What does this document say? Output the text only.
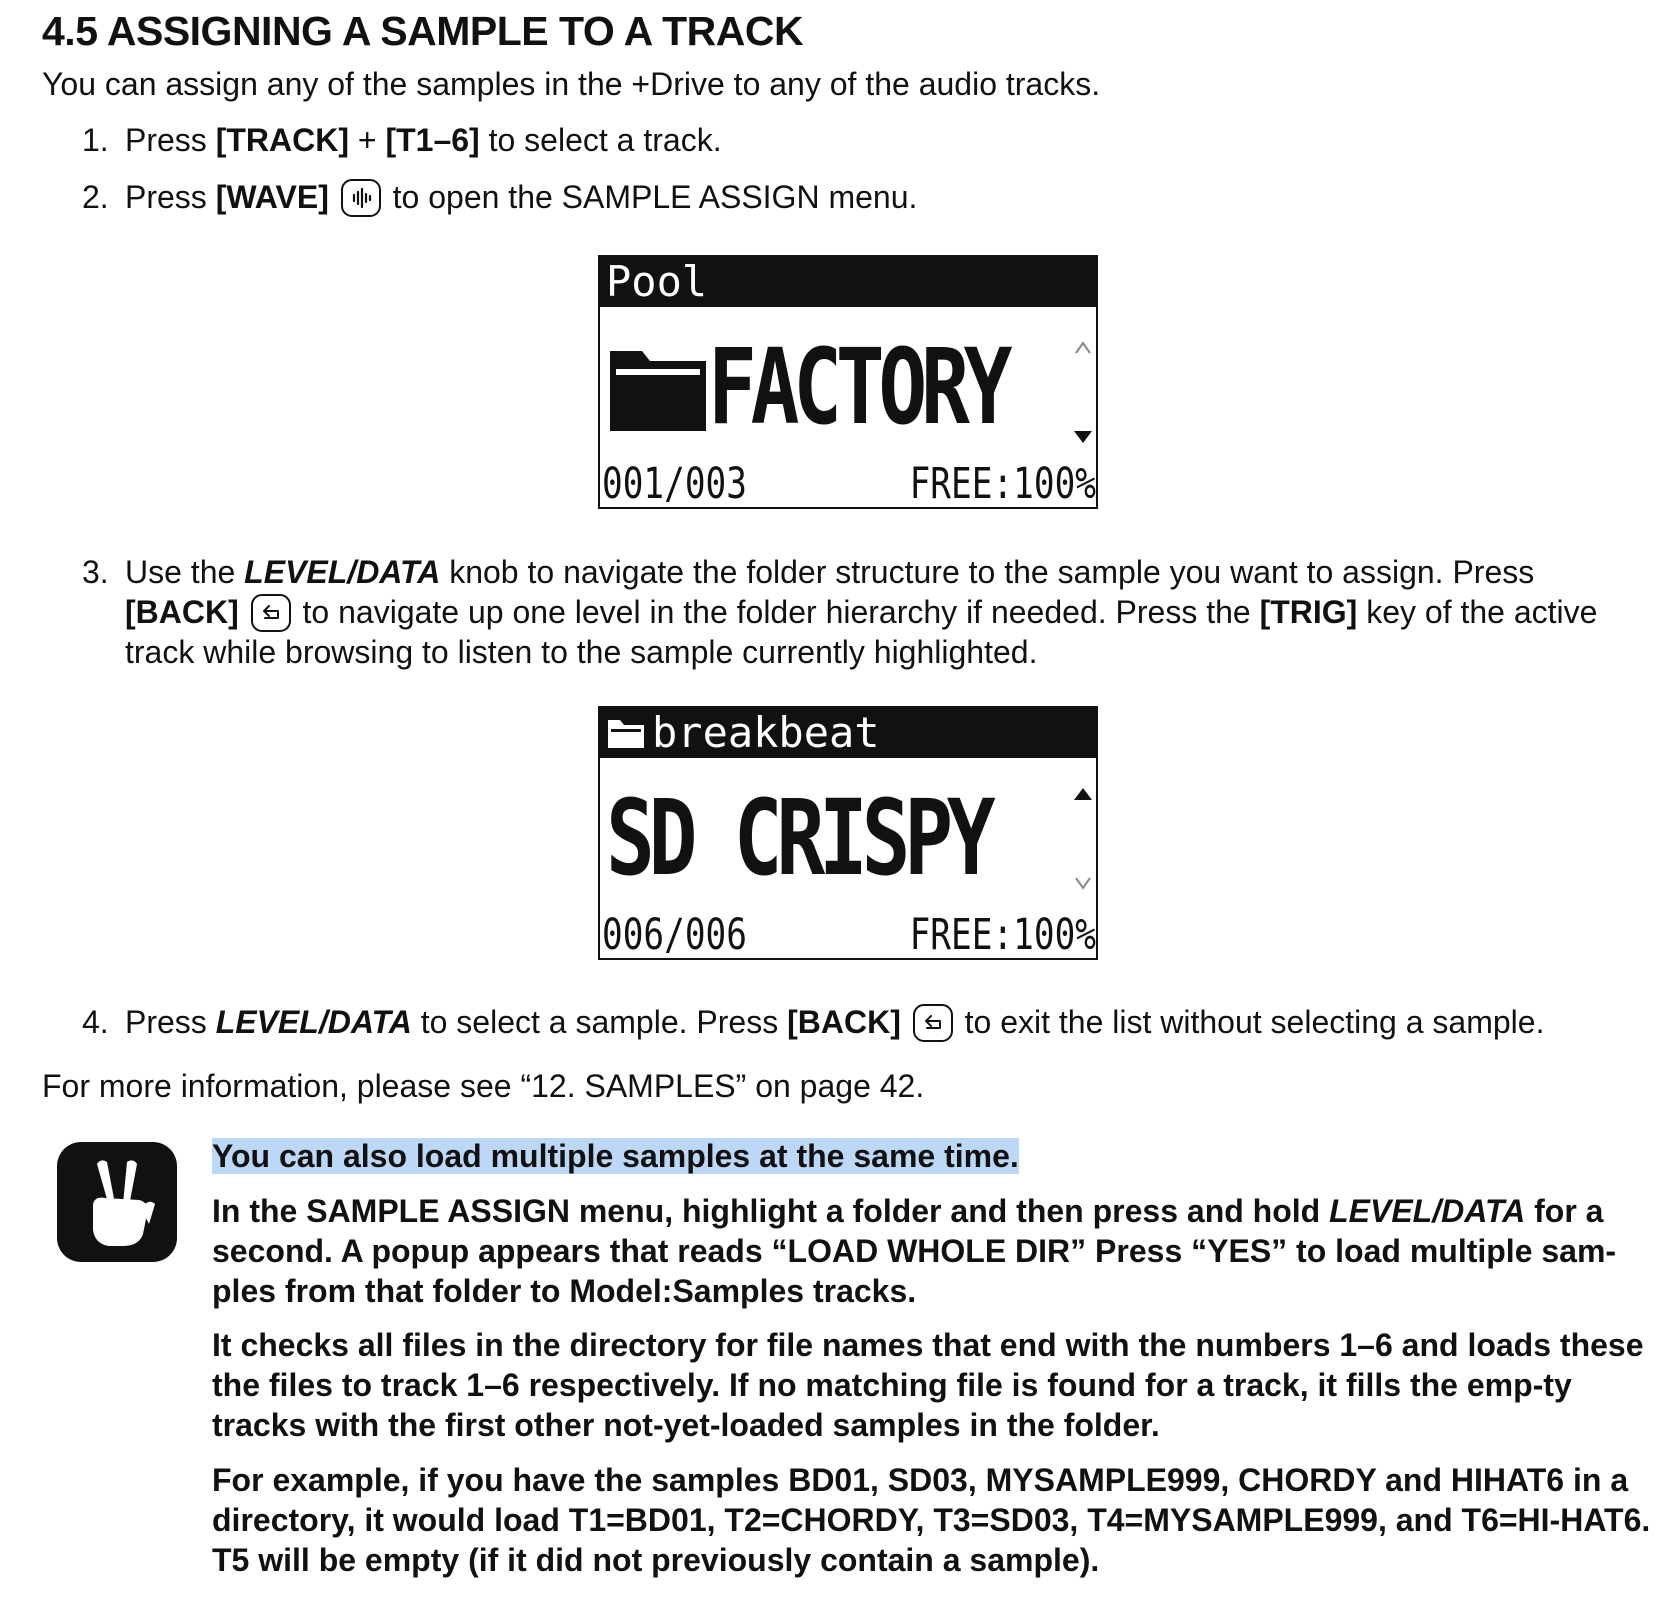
4.5 ASSIGNING A SAMPLE TO A TRACK

You can assign any of the samples in the +Drive to any of the audio tracks.

1. Press [TRACK] + [T1–6] to select a track.
2. Press [WAVE]
to open the SAMPLE ASSIGN menu.
Pool
FACTORY
001/003	FREE:100%
3. Use the LEVEL/DATA knob to navigate the folder structure to the sample you want to assign. Press [BACK]
to navigate up one level in the folder hierarchy if needed. Press the [TRIG] key of the active track while browsing to listen to the sample currently highlighted.
breakbeat
SD CRISPY
006/006	FREE:100%
4. Press LEVEL/DATA to select a sample. Press [BACK]
to exit the list without selecting a sample.

For more information, please see “12. SAMPLES” on page 42.

You can also load multiple samples at the same time.

In the SAMPLE ASSIGN menu, highlight a folder and then press and hold LEVEL/DATA for a second. A popup appears that reads “LOAD WHOLE DIR” Press “YES” to load multiple sam-ples from that folder to Model:Samples tracks.

It checks all files in the directory for file names that end with the numbers 1–6 and loads these the files to track 1–6 respectively. If no matching file is found for a track, it fills the emp-ty tracks with the first other not-yet-loaded samples in the folder.

For example, if you have the samples BD01, SD03, MYSAMPLE999, CHORDY and HIHAT6 in a directory, it would load T1=BD01, T2=CHORDY, T3=SD03, T4=MYSAMPLE999, and T6=HI-HAT6. T5 will be empty (if it did not previously contain a sample).
